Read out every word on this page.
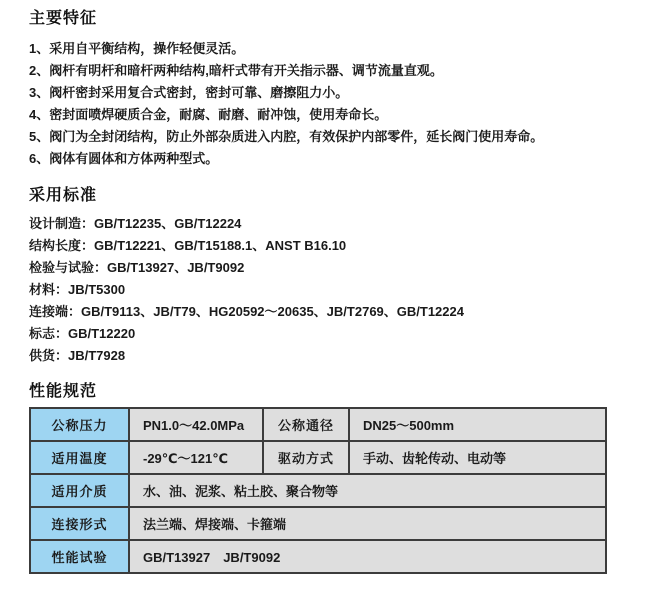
主要特征
1、采用自平衡结构，操作轻便灵活。
2、阀杆有明杆和暗杆两种结构,暗杆式带有开关指示器、调节流量直观。
3、阀杆密封采用复合式密封，密封可靠、磨擦阻力小。
4、密封面喷焊硬质合金，耐腐、耐磨、耐冲蚀，使用寿命长。
5、阀门为全封闭结构，防止外部杂质进入内腔，有效保护内部零件，延长阀门使用寿命。
6、阀体有圆体和方体两种型式。
采用标准
设计制造：GB/T12235、GB/T12224
结构长度：GB/T12221、GB/T15188.1、ANST B16.10
检验与试验：GB/T13927、JB/T9092
材料：JB/T5300
连接端：GB/T9113、JB/T79、HG20592～20635、JB/T2769、GB/T12224
标志：GB/T12220
供货：JB/T7928
性能规范
公称压力	PN1.0～42.0MPa	公称通径	DN25～500mm
适用温度	-29℃～121℃	驱动方式	手动、齿轮传动、电动等
适用介质	水、油、泥浆、粘土胶、聚合物等		
连接形式	法兰端、焊接端、卡箍端		
性能试验	GB/T13927　JB/T9092		
